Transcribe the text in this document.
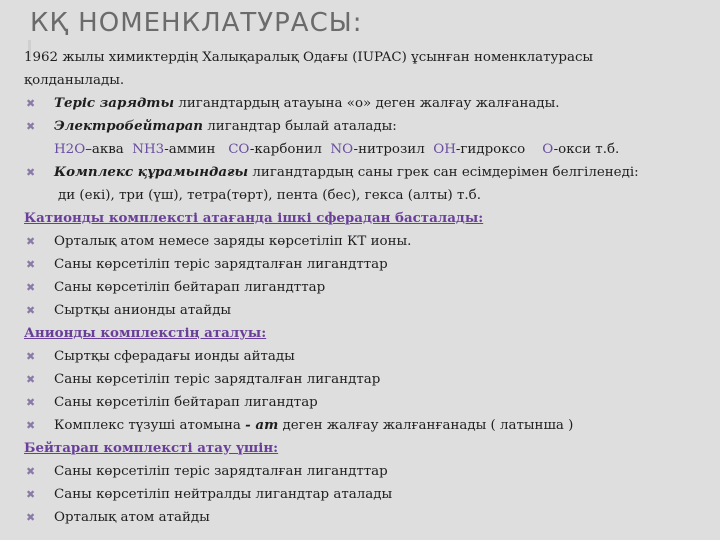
КҚ НОМЕНКЛАТУРАСЫ:
1962 жылы химиктердің Халықаралық Одағы (IUPAC) ұсынған номенклатурасы
қолданылады.
✖ Теріс зарядты лигандтардың атауына «о» деген жалғау жалғанады.
✖ Электробейтарап лигандтар былай аталады:
H2O–аква NH3-аммин CO-карбонил NO-нитрозил OH-гидроксо O-окси т.б.
✖ Комплекс құрамындағы лигандтардың саны грек сан есімдерімен белгіленеді:
ди (екі), три (үш), тетра(төрт), пента (бес), гекса (алты) т.б.
Катионды комплексті атағанда ішкі сферадан басталады:
✖ Орталық атом немесе заряды көрсетіліп КТ ионы.
✖ Саны көрсетіліп теріс зарядталған лигандттар
✖ Саны көрсетіліп бейтарап лигандттар
✖ Сыртқы анионды атайды
Анионды комплекстің аталуы:
✖ Сыртқы сферадағы ионды айтады
✖ Саны көрсетіліп теріс зарядталған лигандтар
✖ Саны көрсетіліп бейтарап лигандтар
✖ Комплекс түзуші атомына - ат деген жалғау жалғанғанады ( латынша )
Бейтарап комплексті атау үшін:
✖ Саны көрсетіліп теріс зарядталған лигандттар
✖ Саны көрсетіліп нейтралды лигандтар аталады
✖ Орталық атом атайды
